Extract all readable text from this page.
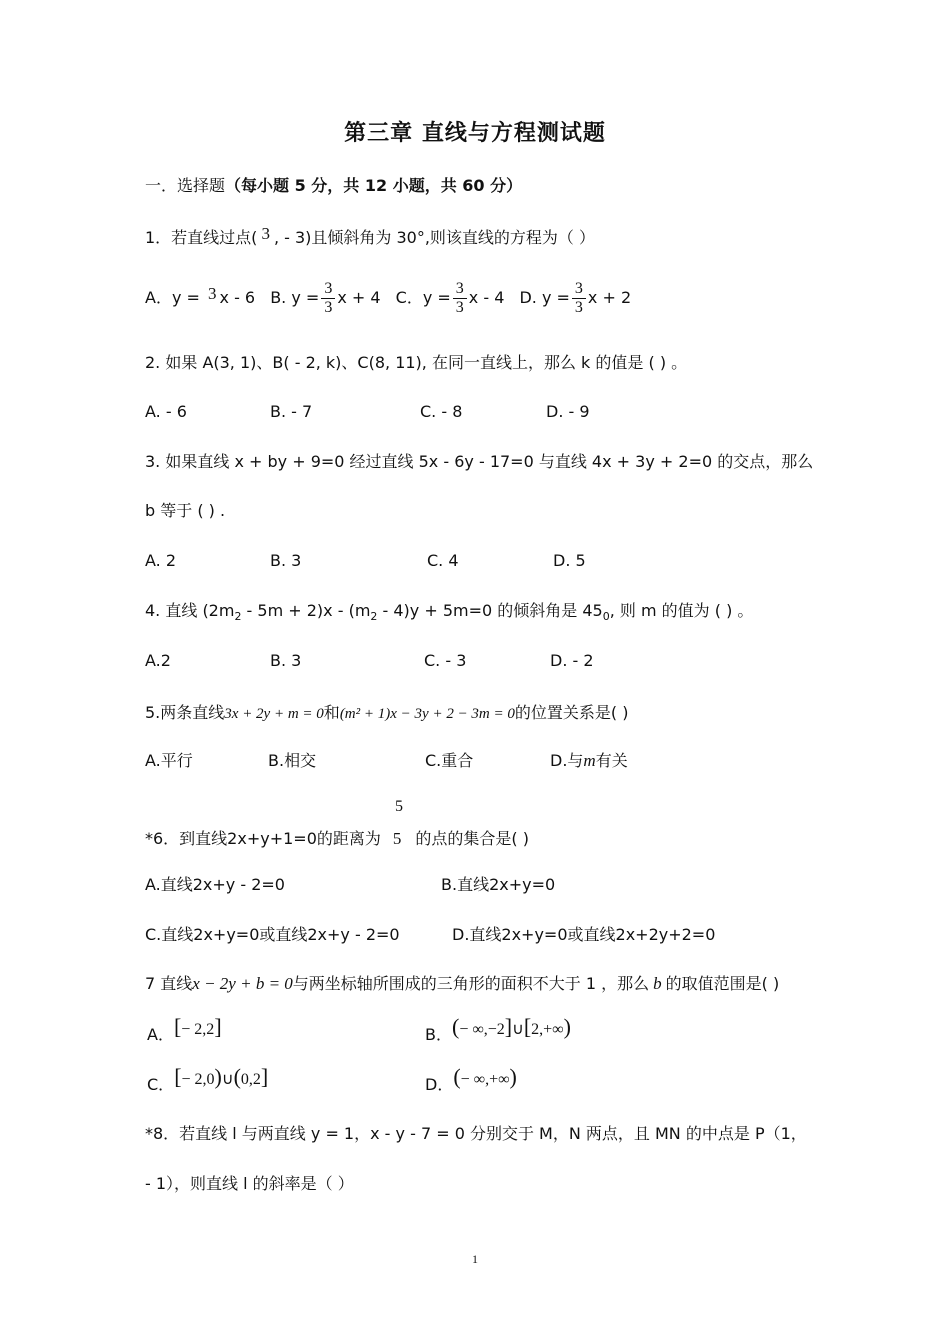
第三章 直线与方程测试题
一．选择题（每小题 5 分，共 12 小题，共 60 分）
1．若直线过点( 3 , - 3)且倾斜角为 30°,则该直线的方程为（ ）
A．y = 3 x - 6 B. $y = \frac{3}{3}$ x + 4 C．$y = \frac{3}{3}$ x - 4 D. $y = \frac{3}{3}$ x + 2
2. 如果 A(3, 1)、B( - 2, k)、C(8, 11), 在同一直线上，那么 k 的值是 ( ) 。
A. - 6	B. - 7	C. - 8	D. - 9
3. 如果直线 x + by + 9=0 经过直线 5x - 6y - 17=0 与直线 4x + 3y + 2=0 的交点，那么
b 等于 ( ) .
A. 2	B. 3	C. 4	D. 5
4. 直线 $(2m_2 - 5m + 2)x - (m_2 - 4)y + 5m=0$ 的倾斜角是 $45_0$, 则 m 的值为 ( ) 。
A.2	B. 3	C. - 3	D. - 2
5.两条直线3x + 2y + m = 0和(m² + 1)x − 3y + 2 − 3m = 0的位置关系是( )
A.平行	B.相交	C.重合	D.与m有关
5
*6．到直线2x+y+1=0的距离为 5 的点的集合是( )
A.直线2x+y - 2=0	B.直线2x+y=0
C.直线2x+y=0或直线2x+y - 2=0	D.直线2x+y=0或直线2x+2y+2=0
7 直线x − 2y + b = 0与两坐标轴所围成的三角形的面积不大于 1 ，那么 b 的取值范围是( )
A．[− 2,2]	B．(− ∞,−2]∪[2,+∞)
C．[− 2,0)∪(0,2]	D．(− ∞,+∞)
*8．若直线 l 与两直线 y = 1，x - y - 7 = 0 分别交于 M，N 两点，且 MN 的中点是 P（1，
- 1），则直线 l 的斜率是（ ）
1
